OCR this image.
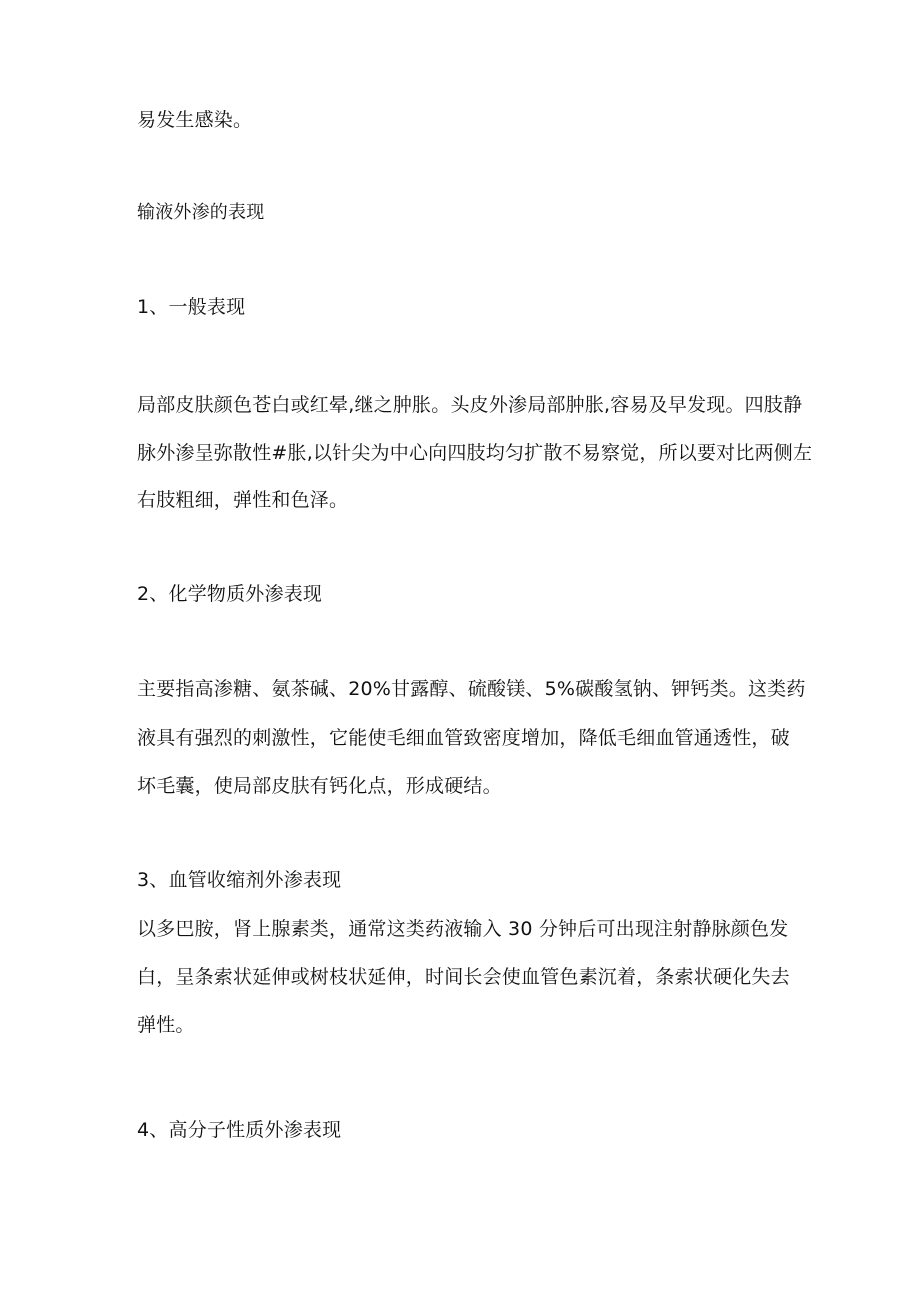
易发生感染。
输液外渗的表现
1、一般表现
局部皮肤颜色苍白或红晕,继之肿胀。头皮外渗局部肿胀,容易及早发现。四肢静
脉外渗呈弥散性#胀,以针尖为中心向四肢均匀扩散不易察觉，所以要对比两侧左
右肢粗细，弹性和色泽。
2、化学物质外渗表现
主要指高渗糖、氨茶碱、20%甘露醇、硫酸镁、5%碳酸氢钠、钾钙类。这类药
液具有强烈的刺激性，它能使毛细血管致密度增加，降低毛细血管通透性，破
坏毛囊，使局部皮肤有钙化点，形成硬结。
3、血管收缩剂外渗表现
以多巴胺，肾上腺素类，通常这类药液输入 30 分钟后可出现注射静脉颜色发
白，呈条索状延伸或树枝状延伸，时间长会使血管色素沉着，条索状硬化失去
弹性。
4、高分子性质外渗表现
